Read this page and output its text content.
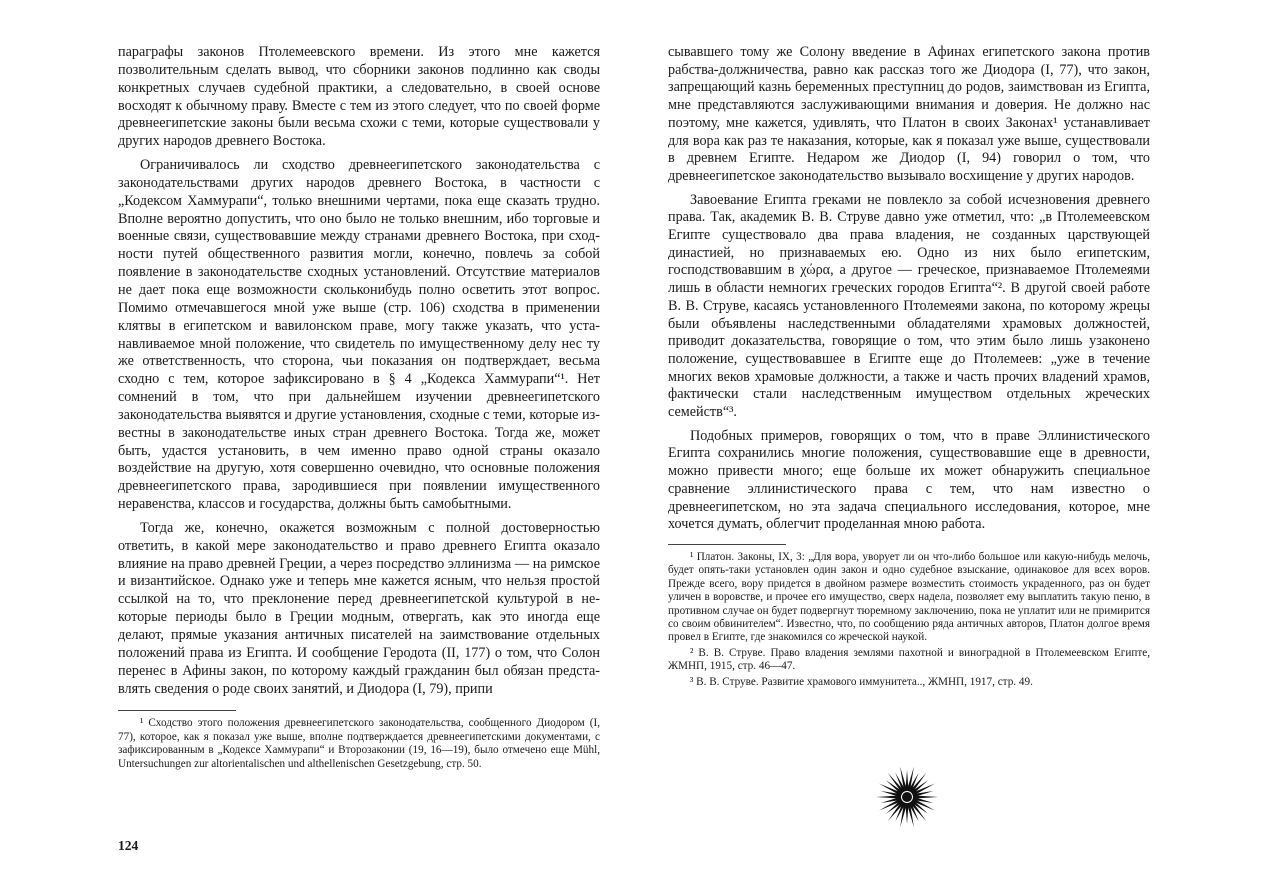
параграфы законов Птолемеевского времени. Из этого мне кажется позволительным сделать вывод, что сборники законов подлинно как своды конкретных случаев судебной практики, а следовательно, в своей основе восходят к обычному праву. Вместе с тем из этого следует, что по своей форме древнеегипетские законы были весьма схожи с теми, которые существовали у других народов древнего Востока.

Ограничивалось ли сходство древнеегипетского законодательства с законодательствами других народов древнего Востока, в частности с „Кодексом Хаммурапи“, только внешними чертами, пока еще сказать трудно. Вполне вероятно допустить, что оно было не только внешним, ибо торговые и военные связи, существовавшие между странами древнего Востока, при сходности путей общественного развития могли, конечно, повлечь за собой появление в законодательстве сходных установлений. Отсутствие материалов не дает пока еще возможности скольконибудь полно осветить этот вопрос. Помимо отмечавшегося мной уже выше (стр. 106) сходства в применении клятвы в египетском и вавилонском праве, могу также указать, что устанавливаемое мной положение, что свидетель по имущественному делу нес ту же ответственность, что сторона, чьи показания он подтверждает, весьма сходно с тем, которое зафиксировано в § 4 „Кодекса Хаммурапи“¹. Нет сомнений в том, что при дальнейшем изучении древнеегипетского законодательства выявятся и другие установления, сходные с теми, которые известны в законодательстве иных стран древнего Востока. Тогда же, может быть, удастся установить, в чем именно право одной страны оказало воздействие на другую, хотя совершенно очевидно, что основные положения древнеегипетского права, зародившиеся при появлении имущественного неравенства, классов и государства, должны быть самобытными.

Тогда же, конечно, окажется возможным с полной достоверностью ответить, в какой мере законодательство и право древнего Египта оказало влияние на право древней Греции, а через посредство эллинизма — на римское и византийское. Однако уже и теперь мне кажется ясным, что нельзя простой ссылкой на то, что преклонение перед древнеегипетской культурой в некоторые периоды было в Греции модным, отвергать, как это иногда еще делают, прямые указания античных писателей на заимствование отдельных положений права из Египта. И сообщение Геродота (II, 177) о том, что Солон перенес в Афины закон, по которому каждый гражданин был обязан представлять сведения о роде своих занятий, и Диодора (I, 79), припи

¹ Сходство этого положения древнеегипетского законодательства, сообщенного Диодором (I, 77), которое, как я показал уже выше, вполне подтверждается древнеегипетскими документами, с зафиксированным в „Кодексе Хаммурапи“ и Второзаконии (19, 16—19), было отмечено еще Mühl, Untersuchungen zur altorientalischen und althellenischen Gesetzgebung, стр. 50.

124

сывавшего тому же Солону введение в Афинах египетского закона против рабства-должничества, равно как рассказ того же Диодора (I, 77), что закон, запрещающий казнь беременных преступниц до родов, заимствован из Египта, мне представляются заслуживающими внимания и доверия. Не должно нас поэтому, мне кажется, удивлять, что Платон в своих Законах¹ устанавливает для вора как раз те наказания, которые, как я показал уже выше, существовали в древнем Египте. Недаром же Диодор (I, 94) говорил о том, что древнеегипетское законодательство вызывало восхищение у других народов.

Завоевание Египта греками не повлекло за собой исчезновения древнего права. Так, академик В. В. Струве давно уже отметил, что: „в Птолемеевском Египте существовало два права владения, не созданных царствующей династией, но признаваемых ею. Одно из них было египетским, господствовавшим в χώρα, а другое — греческое, признаваемое Птолемеями лишь в области немногих греческих городов Египта“². В другой своей работе В. В. Струве, касаясь установленного Птолемеями закона, по которому жрецы были объявлены наследственными обладателями храмовых должностей, приводит доказательства, говорящие о том, что этим было лишь узаконено положение, существовавшее в Египте еще до Птолемеев: „уже в течение многих веков храмовые должности, а также и часть прочих владений храмов, фактически стали наследственным имуществом отдельных жреческих семейств“³.

Подобных примеров, говорящих о том, что в праве Эллинистического Египта сохранились многие положения, существовавшие еще в древности, можно привести много; еще больше их может обнаружить специальное сравнение эллинистического права с тем, что нам известно о древнеегипетском, но эта задача специального исследования, которое, мне хочется думать, облегчит проделанная мною работа.

¹ Платон. Законы, IX, 3: „Для вора, уворует ли он что-либо большое или какую-нибудь мелочь, будет опять-таки установлен один закон и одно судебное взыскание, одинаковое для всех воров. Прежде всего, вору придется в двойном размере возместить стоимость украденного, раз он будет уличен в воровстве, и прочее его имущество, сверх надела, позволяет ему выплатить такую пеню, в противном случае он будет подвергнут тюремному заключению, пока не уплатит или не примирится со своим обвинителем“. Известно, что, по сообщению ряда античных авторов, Платон долгое время провел в Египте, где знакомился со жреческой наукой.

² В. В. Струве. Право владения землями пахотной и виноградной в Птолемеевском Египте, ЖМНП, 1915, стр. 46—47.

³ В. В. Струве. Развитие храмового иммунитета.., ЖМНП, 1917, стр. 49.
